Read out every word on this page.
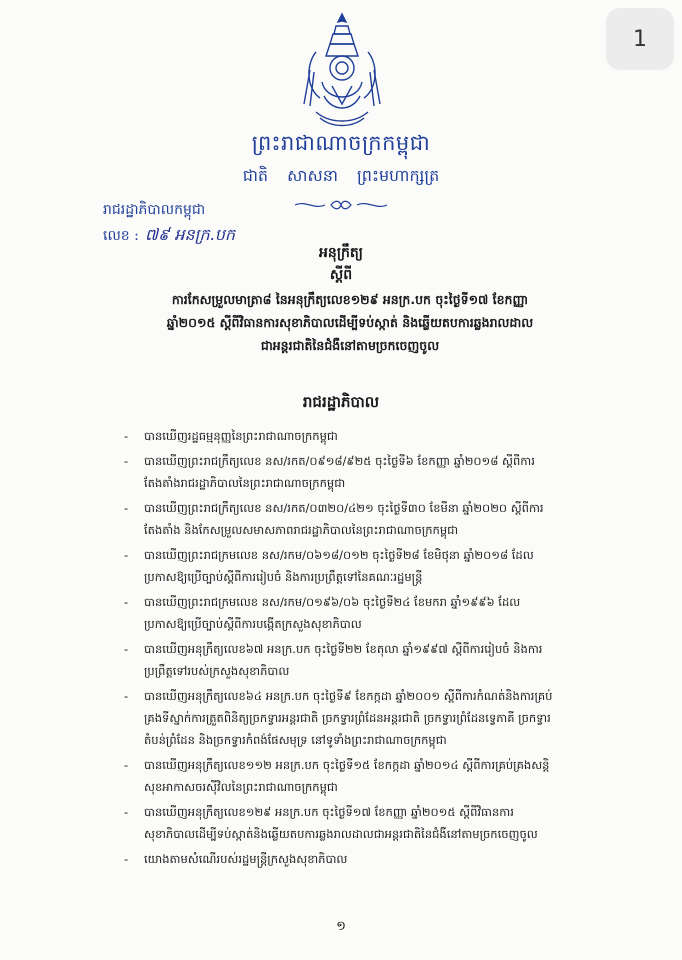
1
ព្រះរាជាណាចក្រកម្ពុជា
ជាតិ សាសនា ព្រះមហាក្សត្រ
រាជរដ្ឋាភិបាលកម្ពុជា
លេខ : ៧៩ អនក្រ.បក
អនុក្រឹត្យ
ស្តីពី
ការកែសម្រួលមាត្រា៨ នៃអនុក្រឹត្យលេខ១២៩ អនក្រ.បក ចុះថ្ងៃទី១៧ ខែកញ្ញា
ឆ្នាំ២០១៥ ស្តីពីវិធានការសុខាភិបាលដើម្បីទប់ស្កាត់ និងឆ្លើយតបការឆ្លងរាលដាល
ជាអន្តរជាតិនៃជំងឺនៅតាមច្រកចេញចូល
រាជរដ្ឋាភិបាល
- បានឃើញរដ្ឋធម្មនុញ្ញនៃព្រះរាជាណាចក្រកម្ពុជា
- បានឃើញព្រះរាជក្រឹត្យលេខ នស/រកត/០៩១៨/៩២៥ ចុះថ្ងៃទី៦ ខែកញ្ញា ឆ្នាំ២០១៨ ស្តីពីការតែងតាំងរាជរដ្ឋាភិបាលនៃព្រះរាជាណាចក្រកម្ពុជា
- បានឃើញព្រះរាជក្រឹត្យលេខ នស/រកត/០៣២០/៤២១ ចុះថ្ងៃទី៣០ ខែមីនា ឆ្នាំ២០២០ ស្តីពីការតែងតាំង និងកែសម្រួលសមាសភាពរាជរដ្ឋាភិបាលនៃព្រះរាជាណាចក្រកម្ពុជា
- បានឃើញព្រះរាជក្រមលេខ នស/រកម/០៦១៨/០១២ ចុះថ្ងៃទី២៨ ខែមិថុនា ឆ្នាំ២០១៨ ដែលប្រកាសឱ្យប្រើច្បាប់ស្តីពីការរៀបចំ និងការប្រព្រឹត្តទៅនៃគណៈរដ្ឋមន្ត្រី
- បានឃើញព្រះរាជក្រមលេខ នស/រកម/០១៩៦/០៦ ចុះថ្ងៃទី២៤ ខែមករា ឆ្នាំ១៩៩៦ ដែលប្រកាសឱ្យប្រើច្បាប់ស្តីពីការបង្កើតក្រសួងសុខាភិបាល
- បានឃើញអនុក្រឹត្យលេខ៦៧ អនក្រ.បក ចុះថ្ងៃទី២២ ខែតុលា ឆ្នាំ១៩៩៧ ស្តីពីការរៀបចំ និងការប្រព្រឹត្តទៅរបស់ក្រសួងសុខាភិបាល
- បានឃើញអនុក្រឹត្យលេខ៦៤ អនក្រ.បក ចុះថ្ងៃទី៩ ខែកក្កដា ឆ្នាំ២០០១ ស្តីពីការកំណត់និងការគ្រប់គ្រងទីស្នាក់ការត្រួតពិនិត្យច្រកទ្វារអន្តរជាតិ ច្រកទ្វារព្រំដែនអន្តរជាតិ ច្រកទ្វារព្រំដែនទ្វេភាគី ច្រកទ្វារតំបន់ព្រំដែន និងច្រកទ្វារកំពង់ផែសមុទ្រ នៅទូទាំងព្រះរាជាណាចក្រកម្ពុជា
- បានឃើញអនុក្រឹត្យលេខ១១២ អនក្រ.បក ចុះថ្ងៃទី១៥ ខែកក្កដា ឆ្នាំ២០១៤ ស្តីពីការគ្រប់គ្រងសន្តិសុខអាកាសចរស៊ីវិលនៃព្រះរាជាណាចក្រកម្ពុជា
- បានឃើញអនុក្រឹត្យលេខ១២៩ អនក្រ.បក ចុះថ្ងៃទី១៧ ខែកញ្ញា ឆ្នាំ២០១៥ ស្តីពីវិធានការសុខាភិបាលដើម្បីទប់ស្កាត់និងឆ្លើយតបការឆ្លងរាលដាលជាអន្តរជាតិនៃជំងឺនៅតាមច្រកចេញចូល
- យោងតាមសំណើរបស់រដ្ឋមន្ត្រីក្រសួងសុខាភិបាល
១
